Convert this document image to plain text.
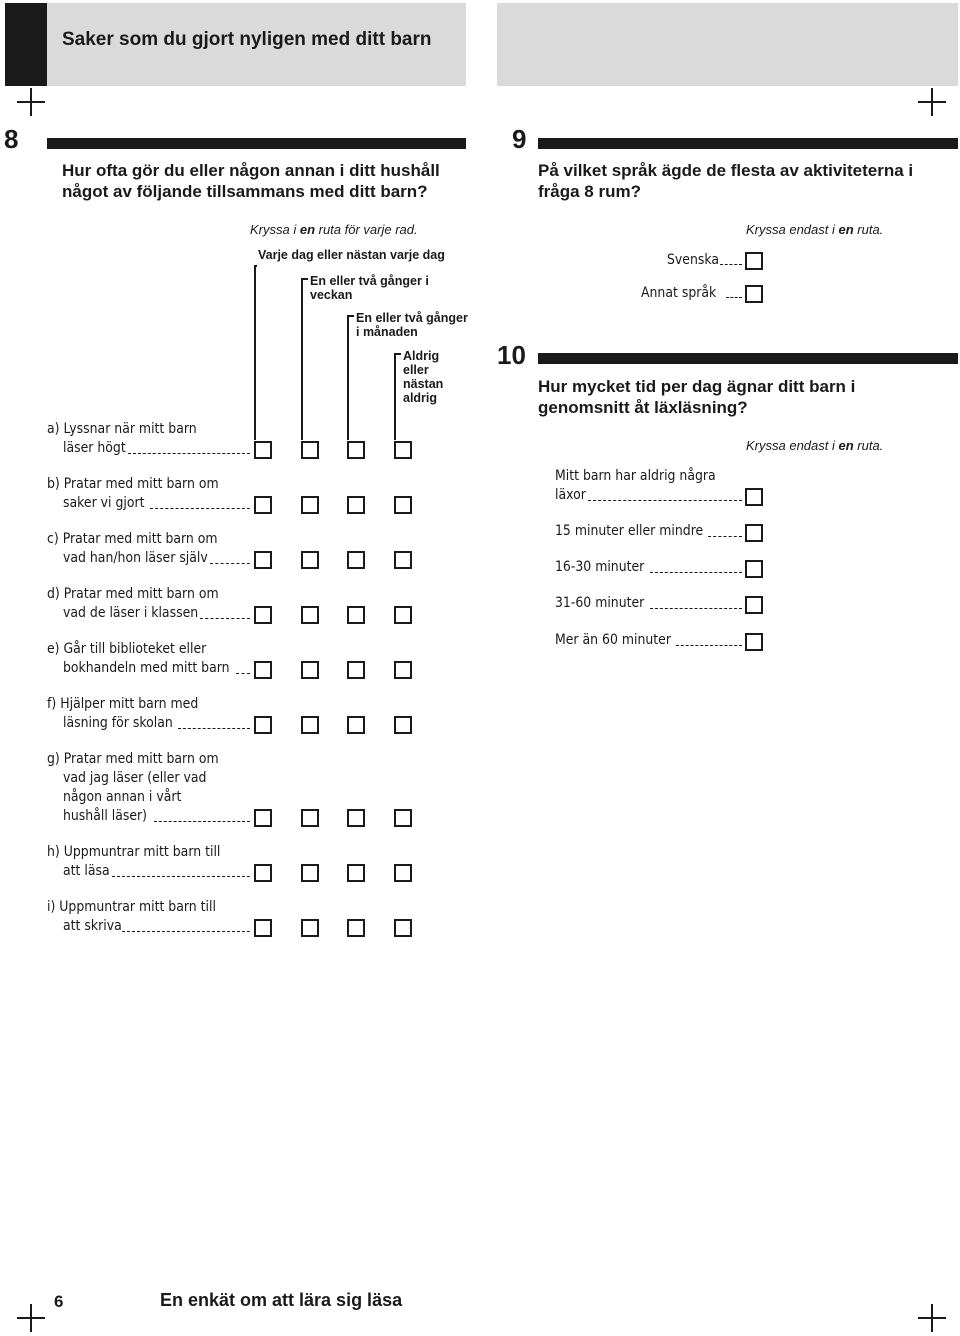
Saker som du gjort nyligen med ditt barn
8
Hur ofta gör du eller någon annan i ditt hushåll något av följande tillsammans med ditt barn?
Kryssa i en ruta för varje rad.
Varje dag eller nästan varje dag
En eller två gånger i veckan
En eller två gånger i månaden
Aldrig eller nästan aldrig
a) Lyssnar när mitt barn
läser högt
b) Pratar med mitt barn om
saker vi gjort
c) Pratar med mitt barn om
vad han/hon läser själv
d) Pratar med mitt barn om
vad de läser i klassen
e) Går till biblioteket eller
bokhandeln med mitt barn
f) Hjälper mitt barn med
läsning för skolan
g) Pratar med mitt barn om
vad jag läser (eller vad
någon annan i vårt
hushåll läser)
h) Uppmuntrar mitt barn till
att läsa
i) Uppmuntrar mitt barn till
att skriva
9
På vilket språk ägde de flesta av aktiviteterna i fråga 8 rum?
Kryssa endast i en ruta.
Svenska
Annat språk
10
Hur mycket tid per dag ägnar ditt barn i genomsnitt åt läxläsning?
Kryssa endast i en ruta.
Mitt barn har aldrig några
läxor
15 minuter eller mindre
16-30 minuter
31-60 minuter
Mer än 60 minuter
6	En enkät om att lära sig läsa
